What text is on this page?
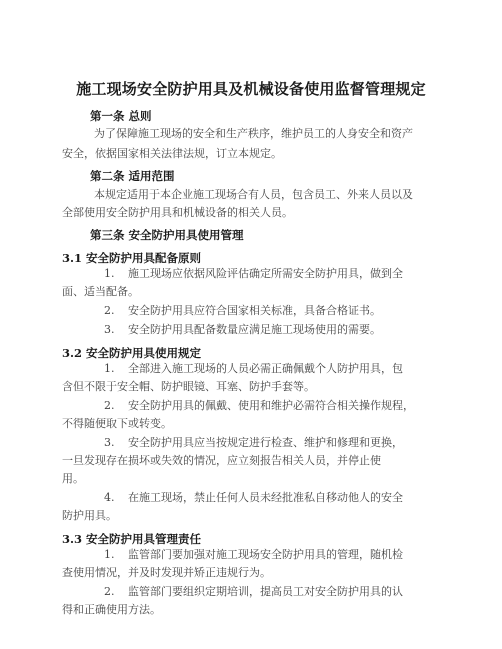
施工现场安全防护用具及机械设备使用监督管理规定
第一条 总则
为了保障施工现场的安全和生产秩序，维护员工的人身安全和资产
安全，依据国家相关法律法规，订立本规定。
第二条 适用范围
本规定适用于本企业施工现场合有人员，包含员工、外来人员以及
全部使用安全防护用具和机械设备的相关人员。
第三条 安全防护用具使用管理
3.1 安全防护用具配备原则
1. 施工现场应依据风险评估确定所需安全防护用具，做到全
面、适当配备。
2. 安全防护用具应符合国家相关标准，具备合格证书。
3. 安全防护用具配备数量应满足施工现场使用的需要。
3.2 安全防护用具使用规定
1. 全部进入施工现场的人员必需正确佩戴个人防护用具，包
含但不限于安全帽、防护眼镜、耳塞、防护手套等。
2. 安全防护用具的佩戴、使用和维护必需符合相关操作规程，
不得随便取下或转变。
3. 安全防护用具应当按规定进行检查、维护和修理和更换，
一旦发现存在损坏或失效的情况，应立刻报告相关人员，并停止使
用。
4. 在施工现场，禁止任何人员未经批准私自移动他人的安全
防护用具。
3.3 安全防护用具管理责任
1. 监管部门要加强对施工现场安全防护用具的管理，随机检
查使用情况，并及时发现并矫正违规行为。
2. 监管部门要组织定期培训，提高员工对安全防护用具的认
得和正确使用方法。
